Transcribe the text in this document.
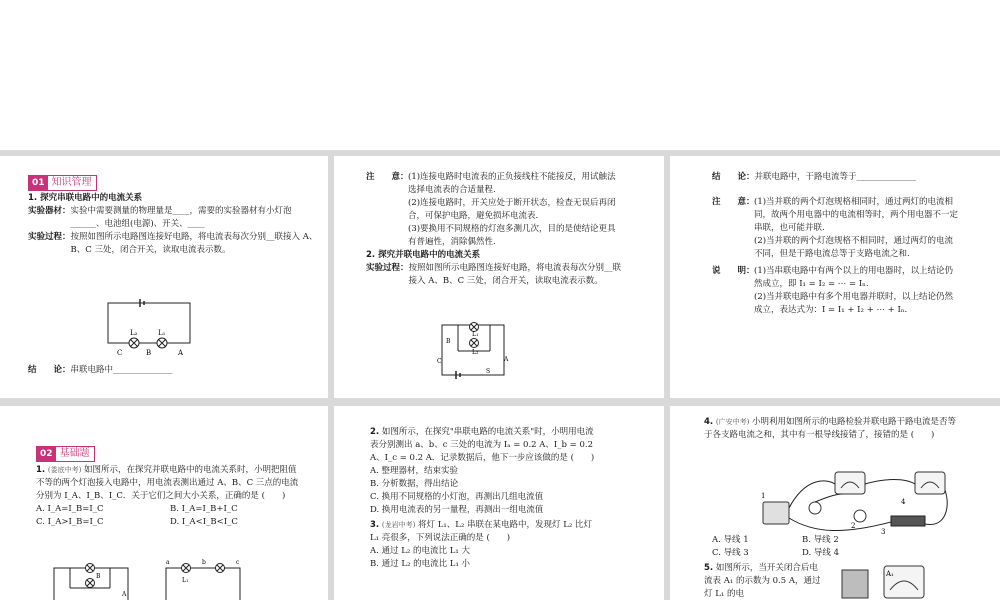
01 知识管理

1. 探究串联电路中的电流关系

实验器材： 实验中需要测量的物理量是____，需要的实验器材有小灯泡 ______、电池组(电源)、开关、____
实验过程： 按照如图所示电路图连接好电路，将电流表每次分别__联接入 A、B、C 三处，闭合开关，读取电流表示数。
C
L₂
B
L₁
A
结　　论： 串联电路中______________
注　　意： (1)连接电路时电流表的正负接线柱不能接反，用试触法选择电流表的合适量程.

(2)连接电路时，开关应处于断开状态，检查无误后再闭合，可保护电路，避免损坏电流表.

(3)要换用不同规格的灯泡多测几次，目的是使结论更具有普遍性，消除偶然性.

2. 探究并联电路中的电流关系

实验过程： 按照如图所示电路图连接好电路，将电流表每次分别__联接入 A、B、C 三处，闭合开关，读取电流表示数。
L₁
L₂
B
C
S
A
结　　论： 并联电路中，干路电流等于______________
注　　意： (1)当并联的两个灯泡规格相同时，通过两灯的电流相同，故两个用电器中的电流相等时，两个用电器不一定串联，也可能并联.

(2)当并联的两个灯泡规格不相同时，通过两灯的电流不同，但是干路电流总等于支路电流之和.

说　　明： (1)当串联电路中有两个以上的用电器时，以上结论仍然成立，即 I₁ = I₂ = ⋯ = Iₙ.

(2)当并联电路中有多个用电器并联时，以上结论仍然成立，表达式为：I = I₁ + I₂ + ⋯ + Iₙ.

02 基础题

1. (娄底中考) 如图所示，在探究并联电路中的电流关系时，小明把阻值不等的两个灯泡接入电路中，用电流表测出通过 A、B、C 三点的电流分别为 I_A、I_B、I_C．关于它们之间大小关系，正确的是 (　　)

A. I_A=I_B=I_C	B. I_A=I_B+I_C
C. I_A>I_B=I_C	D. I_A<I_B<I_C
B
A
a	b	c
L₁

2. 如图所示，在探究"串联电路的电流关系"时，小明用电流表分别测出 a、b、c 三处的电流为 Iₐ = 0.2 A、I_b = 0.2 A、I_c = 0.2 A．记录数据后，他下一步应该做的是 (　　)

A. 整理器材，结束实验

B. 分析数据，得出结论

C. 换用不同规格的小灯泡，再测出几组电流值

D. 换用电流表的另一量程，再测出一组电流值

3. (龙岩中考) 将灯 L₁、L₂ 串联在某电路中，发现灯 L₂ 比灯 L₁ 亮很多，下列说法正确的是 (　　)

A. 通过 L₂ 的电流比 L₁ 大

B. 通过 L₂ 的电流比 L₁ 小

4. (广安中考) 小明利用如图所示的电路检验并联电路干路电流是否等于各支路电流之和，其中有一根导线接错了，接错的是 (　　)

1
2
3
4
A. 导线 1	B. 导线 2
C. 导线 3	D. 导线 4

5. 如图所示，当开关闭合后电流表 A₁ 的示数为 0.5 A，通过灯 L₁ 的电

A₁
